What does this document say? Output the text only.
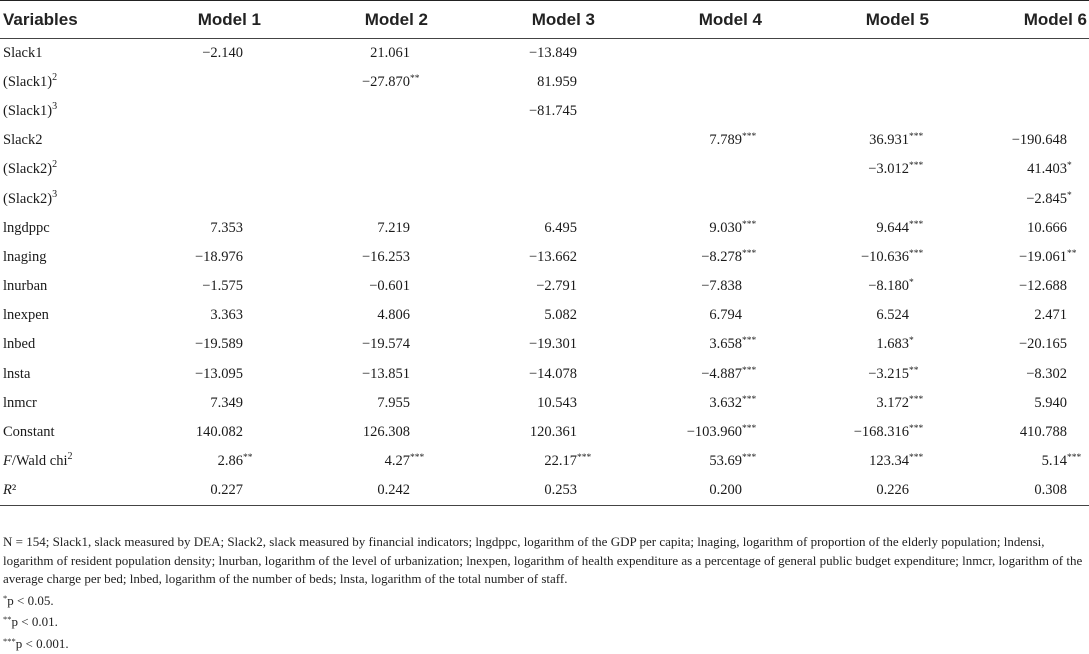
Variables	Model 1	Model 2	Model 3	Model 4	Model 5	Model 6
Slack1	−2.140	21.061	−13.849			
(Slack1)$^2$		−27.870**	81.959			
(Slack1)$^3$			−81.745			
Slack2				7.789***	36.931***	−190.648
(Slack2)$^2$					−3.012***	41.403*
(Slack2)$^3$						−2.845*
lngdppc	7.353	7.219	6.495	9.030***	9.644***	10.666
lnaging	−18.976	−16.253	−13.662	−8.278***	−10.636***	−19.061**
lnurban	−1.575	−0.601	−2.791	−7.838	−8.180*	−12.688
lnexpen	3.363	4.806	5.082	6.794	6.524	2.471
lnbed	−19.589	−19.574	−19.301	3.658***	1.683*	−20.165
lnsta	−13.095	−13.851	−14.078	−4.887***	−3.215**	−8.302
lnmcr	7.349	7.955	10.543	3.632***	3.172***	5.940
Constant	140.082	126.308	120.361	−103.960***	−168.316***	410.788
F/Wald chi$^2$	2.86**	4.27***	22.17***	53.69***	123.34***	5.14***
R²	0.227	0.242	0.253	0.200	0.226	0.308

N = 154; Slack1, slack measured by DEA; Slack2, slack measured by financial indicators; lngdppc, logarithm of the GDP per capita; lnaging, logarithm of proportion of the elderly population; lndensi, logarithm of resident population density; lnurban, logarithm of the level of urbanization; lnexpen, logarithm of health expenditure as a percentage of general public budget expenditure; lnmcr, logarithm of the average charge per bed; lnbed, logarithm of the number of beds; lnsta, logarithm of the total number of staff.

*p < 0.05.

**p < 0.01.

***p < 0.001.
